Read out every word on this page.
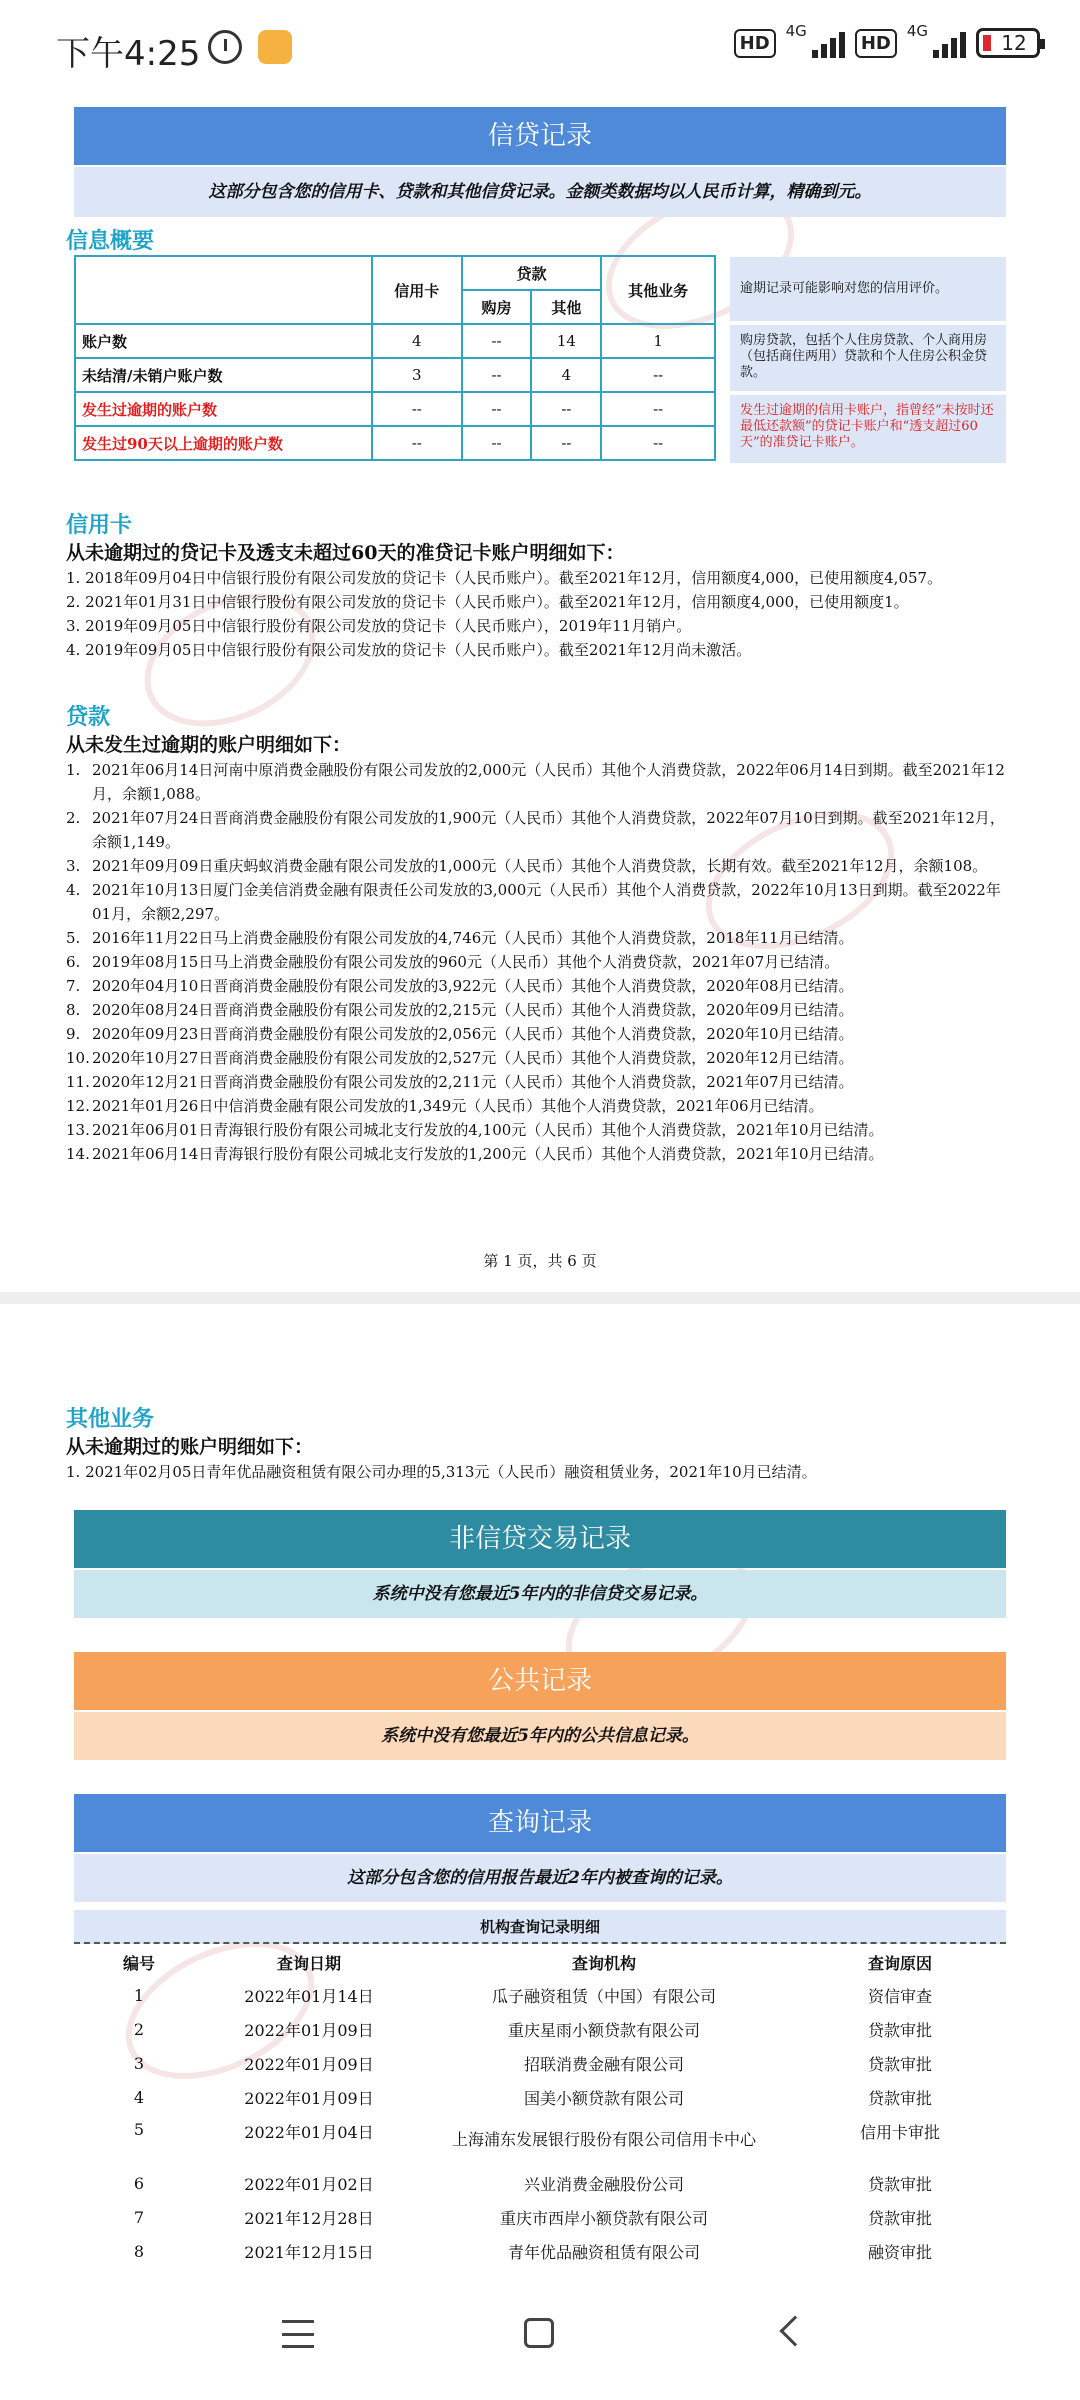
下午4:25	HD
4G
HD
4G	12
信贷记录
这部分包含您的信用卡、贷款和其他信贷记录。金额类数据均以人民币计算，精确到元。
信息概要
	信用卡	贷款		其他业务
		购房	其他	
账户数	4	--	14	1
未结清/未销户账户数	3	--	4	--
发生过逾期的账户数	--	--	--	--
发生过90天以上逾期的账户数	--	--	--	--
逾期记录可能影响对您的信用评价。
购房贷款，包括个人住房贷款、个人商用房（包括商住两用）贷款和个人住房公积金贷款。
发生过逾期的信用卡账户，指曾经“未按时还最低还款额”的贷记卡账户和“透支超过60天”的准贷记卡账户。
信用卡
从未逾期过的贷记卡及透支未超过60天的准贷记卡账户明细如下：
1. 2018年09月04日中信银行股份有限公司发放的贷记卡（人民币账户）。截至2021年12月，信用额度4,000，已使用额度4,057。
2. 2021年01月31日中信银行股份有限公司发放的贷记卡（人民币账户）。截至2021年12月，信用额度4,000，已使用额度1。
3. 2019年09月05日中信银行股份有限公司发放的贷记卡（人民币账户），2019年11月销户。
4. 2019年09月05日中信银行股份有限公司发放的贷记卡（人民币账户）。截至2021年12月尚未激活。
贷款
从未发生过逾期的账户明细如下：
1. 2021年06月14日河南中原消费金融股份有限公司发放的2,000元（人民币）其他个人消费贷款，2022年06月14日到期。截至2021年12月，余额1,088。
2. 2021年07月24日晋商消费金融股份有限公司发放的1,900元（人民币）其他个人消费贷款，2022年07月10日到期。截至2021年12月，余额1,149。
3. 2021年09月09日重庆蚂蚁消费金融有限公司发放的1,000元（人民币）其他个人消费贷款，长期有效。截至2021年12月，余额108。
4. 2021年10月13日厦门金美信消费金融有限责任公司发放的3,000元（人民币）其他个人消费贷款，2022年10月13日到期。截至2022年01月，余额2,297。
5. 2016年11月22日马上消费金融股份有限公司发放的4,746元（人民币）其他个人消费贷款，2018年11月已结清。
6. 2019年08月15日马上消费金融股份有限公司发放的960元（人民币）其他个人消费贷款，2021年07月已结清。
7. 2020年04月10日晋商消费金融股份有限公司发放的3,922元（人民币）其他个人消费贷款，2020年08月已结清。
8. 2020年08月24日晋商消费金融股份有限公司发放的2,215元（人民币）其他个人消费贷款，2020年09月已结清。
9. 2020年09月23日晋商消费金融股份有限公司发放的2,056元（人民币）其他个人消费贷款，2020年10月已结清。
10. 2020年10月27日晋商消费金融股份有限公司发放的2,527元（人民币）其他个人消费贷款，2020年12月已结清。
11. 2020年12月21日晋商消费金融股份有限公司发放的2,211元（人民币）其他个人消费贷款，2021年07月已结清。
12. 2021年01月26日中信消费金融有限公司发放的1,349元（人民币）其他个人消费贷款，2021年06月已结清。
13. 2021年06月01日青海银行股份有限公司城北支行发放的4,100元（人民币）其他个人消费贷款，2021年10月已结清。
14. 2021年06月14日青海银行股份有限公司城北支行发放的1,200元（人民币）其他个人消费贷款，2021年10月已结清。
第 1 页，共 6 页
其他业务
从未逾期过的账户明细如下：
1. 2021年02月05日青年优品融资租赁有限公司办理的5,313元（人民币）融资租赁业务，2021年10月已结清。
非信贷交易记录
系统中没有您最近5年内的非信贷交易记录。
公共记录
系统中没有您最近5年内的公共信息记录。
查询记录
这部分包含您的信用报告最近2年内被查询的记录。
机构查询记录明细
编号	查询日期	查询机构	查询原因
1	2022年01月14日	瓜子融资租赁（中国）有限公司	资信审查
2	2022年01月09日	重庆星雨小额贷款有限公司	贷款审批
3	2022年01月09日	招联消费金融有限公司	贷款审批
4	2022年01月09日	国美小额贷款有限公司	贷款审批
5	2022年01月04日	上海浦东发展银行股份有限公司信用卡中心	信用卡审批
6	2022年01月02日	兴业消费金融股份公司	贷款审批
7	2021年12月28日	重庆市西岸小额贷款有限公司	贷款审批
8	2021年12月15日	青年优品融资租赁有限公司	融资审批
